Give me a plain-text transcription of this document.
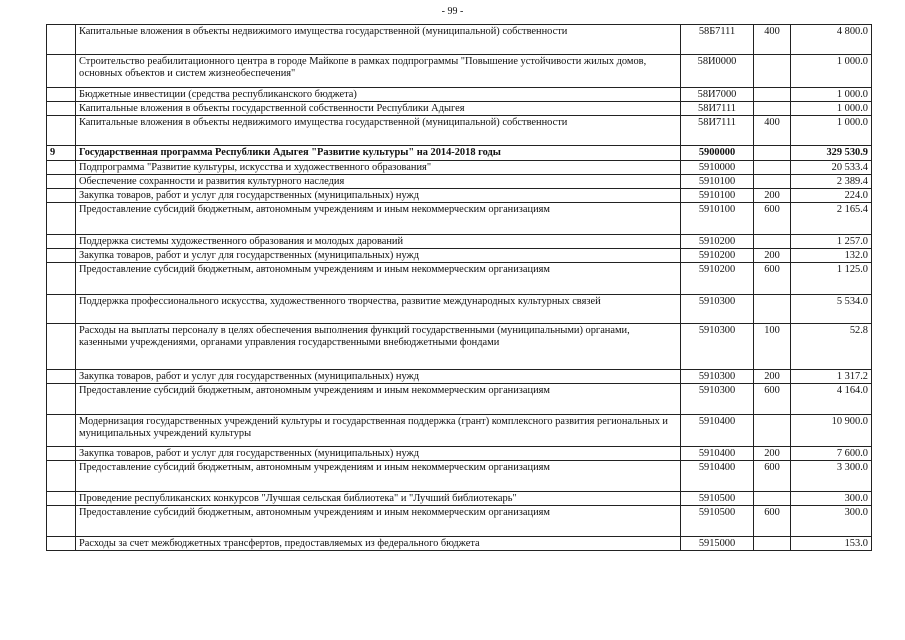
- 99 -
	Капитальные вложения в объекты недвижимого имущества государственной (муниципальной) собственности	58Б7111	400	4 800.0
	Строительство реабилитационного центра в городе Майкопе в рамках подпрограммы "Повышение устойчивости жилых домов, основных объектов и систем жизнеобеспечения"	58И0000		1 000.0
	Бюджетные инвестиции (средства республиканского бюджета)	58И7000		1 000.0
	Капитальные вложения в объекты государственной собственности Республики Адыгея	58И7111		1 000.0
	Капитальные вложения в объекты недвижимого имущества государственной (муниципальной) собственности	58И7111	400	1 000.0
9	Государственная программа Республики Адыгея "Развитие культуры" на 2014-2018 годы	5900000		329 530.9
	Подпрограмма "Развитие культуры, искусства и художественного образования"	5910000		20 533.4
	Обеспечение сохранности и развития культурного наследия	5910100		2 389.4
	Закупка товаров, работ и услуг для государственных (муниципальных) нужд	5910100	200	224.0
	Предоставление субсидий бюджетным, автономным учреждениям и иным некоммерческим организациям	5910100	600	2 165.4
	Поддержка системы художественного образования и молодых дарований	5910200		1 257.0
	Закупка товаров, работ и услуг для государственных (муниципальных) нужд	5910200	200	132.0
	Предоставление субсидий бюджетным, автономным учреждениям и иным некоммерческим организациям	5910200	600	1 125.0
	Поддержка профессионального искусства, художественного творчества, развитие международных культурных связей	5910300		5 534.0
	Расходы на выплаты персоналу в целях обеспечения выполнения функций государственными (муниципальными) органами, казенными учреждениями, органами управления государственными внебюджетными фондами	5910300	100	52.8
	Закупка товаров, работ и услуг для государственных (муниципальных) нужд	5910300	200	1 317.2
	Предоставление субсидий бюджетным, автономным учреждениям и иным некоммерческим организациям	5910300	600	4 164.0
	Модернизация государственных учреждений культуры и государственная поддержка (грант) комплексного развития региональных и муниципальных учреждений культуры	5910400		10 900.0
	Закупка товаров, работ и услуг для государственных (муниципальных) нужд	5910400	200	7 600.0
	Предоставление субсидий бюджетным, автономным учреждениям и иным некоммерческим организациям	5910400	600	3 300.0
	Проведение республиканских конкурсов "Лучшая сельская библиотека" и "Лучший библиотекарь"	5910500		300.0
	Предоставление субсидий бюджетным, автономным учреждениям и иным некоммерческим организациям	5910500	600	300.0
	Расходы за счет межбюджетных трансфертов, предоставляемых из федерального бюджета	5915000		153.0
